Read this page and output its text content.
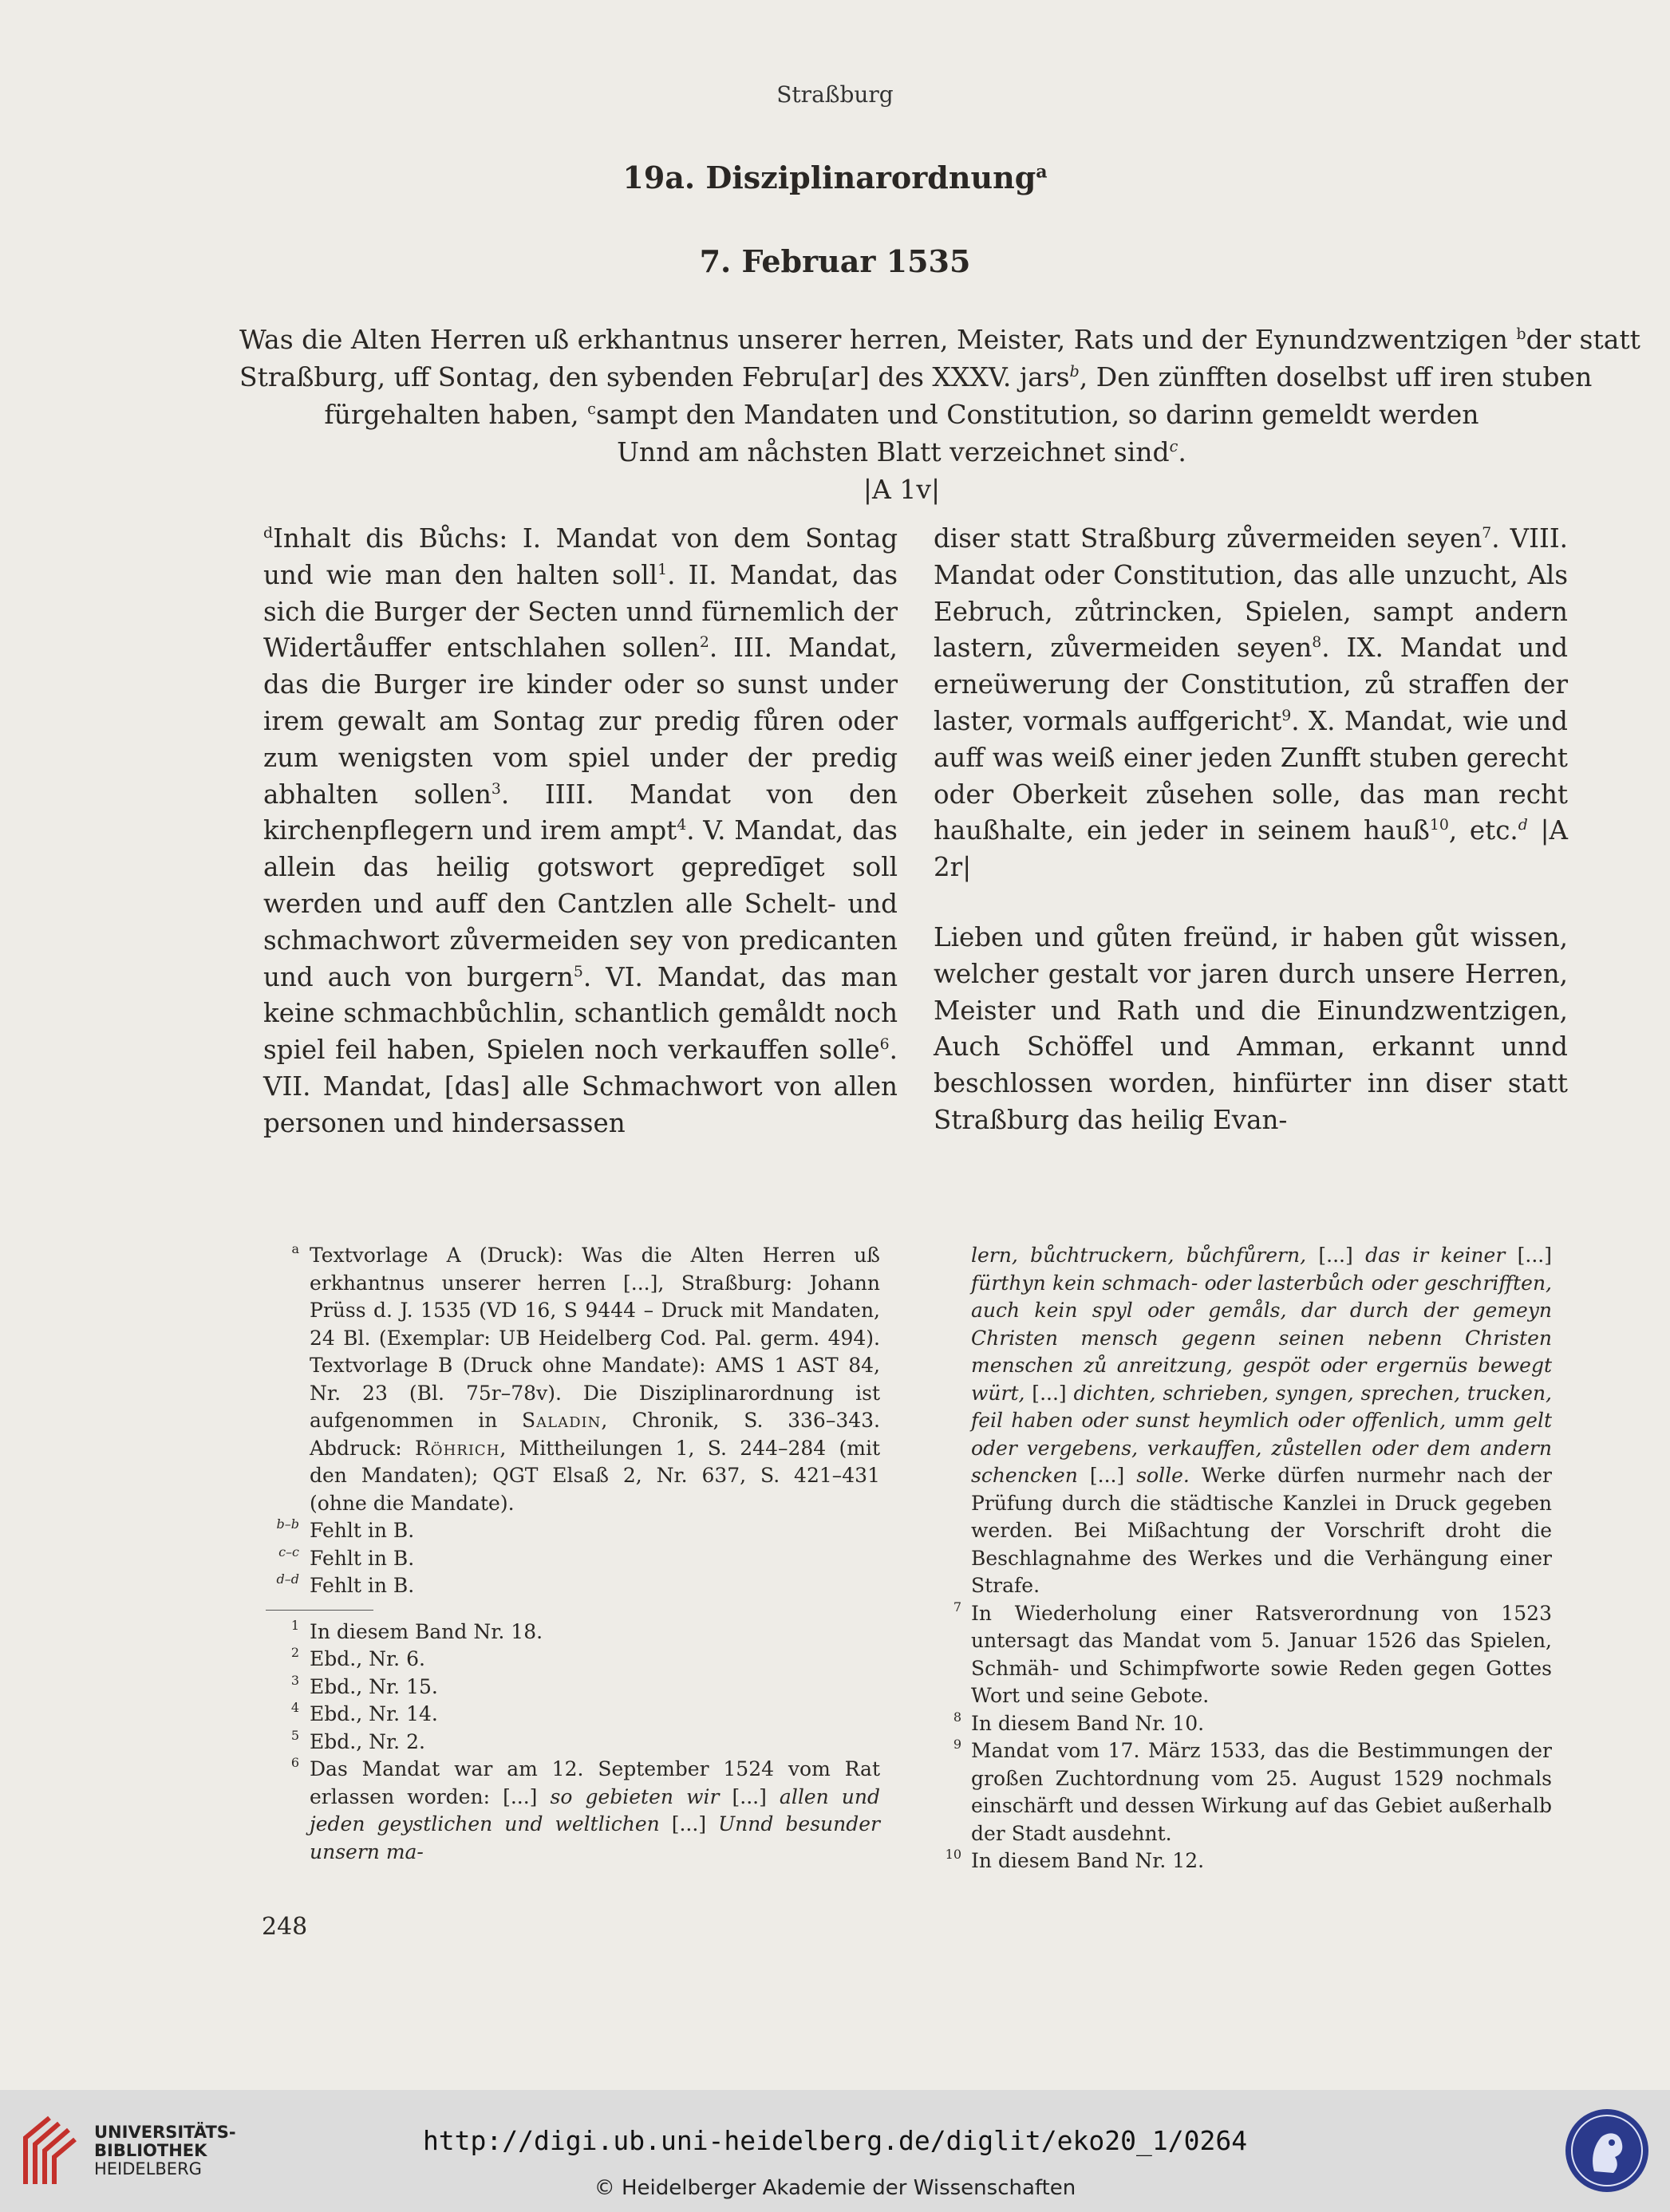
Straßburg
19a. Disziplinarordnung$^a$
7. Februar 1535
Was die Alten Herren uß erkhantnus unserer herren, Meister, Rats und der Eynundzwentzigen $^b$der statt
Straßburg, uff Sontag, den sybenden Febru[ar] des XXXV. jars$^b$, Den zünfften doselbst uff iren stuben
fürgehalten haben, $^c$sampt den Mandaten und Constitution, so darinn gemeldt werden
Unnd am nåchsten Blatt verzeichnet sind$^c$.
|A 1v|

$^d$Inhalt dis Bůchs: I. Mandat von dem Sontag und wie man den halten soll$^1$. II. Mandat, das sich die Burger der Secten unnd fürnemlich der Widertåuffer entschlahen sollen$^2$. III. Mandat, das die Burger ire kinder oder so sunst under irem gewalt am Sontag zur predig fůren oder zum wenigsten vom spiel under der predig abhalten sollen$^3$. IIII. Mandat von den kirchenpflegern und irem ampt$^4$. V. Mandat, das allein das heilig gotswort gepredīget soll werden und auff den Cantzlen alle Schelt- und schmachwort zůvermeiden sey von predicanten und auch von burgern$^5$. VI. Mandat, das man keine schmachbůchlin, schantlich gemåldt noch spiel feil haben, Spielen noch verkauffen solle$^6$. VII. Mandat, [das] alle Schmachwort von allen personen und hindersassen

diser statt Straßburg zůvermeiden seyen$^7$. VIII. Mandat oder Constitution, das alle unzucht, Als Eebruch, zůtrincken, Spielen, sampt andern lastern, zůvermeiden seyen$^8$. IX. Mandat und erneüwerung der Constitution, zů straffen der laster, vormals auffgericht$^9$. X. Mandat, wie und auff was weiß einer jeden Zunfft stuben gerecht oder Oberkeit zůsehen solle, das man recht haußhalte, ein jeder in seinem hauß$^{10}$, etc.$^d$ |A 2r|

Lieben und gůten freünd, ir haben gůt wissen, welcher gestalt vor jaren durch unsere Herren, Meister und Rath und die Einundzwentzigen, Auch Schöffel und Amman, erkannt unnd beschlossen worden, hinfürter inn diser statt Straßburg das heilig Evan-

a Textvorlage A (Druck): Was die Alten Herren uß erkhantnus unserer herren [...], Straßburg: Johann Prüss d. J. 1535 (VD 16, S 9444 – Druck mit Mandaten, 24 Bl. (Exemplar: UB Heidelberg Cod. Pal. germ. 494). Textvorlage B (Druck ohne Mandate): AMS 1 AST 84, Nr. 23 (Bl. 75r–78v). Die Disziplinarordnung ist aufgenommen in Saladin, Chronik, S. 336–343. Abdruck: Röhrich, Mittheilungen 1, S. 244–284 (mit den Mandaten); QGT Elsaß 2, Nr. 637, S. 421–431 (ohne die Mandate).
b–b Fehlt in B.
c–c Fehlt in B.
d–d Fehlt in B.
1 In diesem Band Nr. 18.
2 Ebd., Nr. 6.
3 Ebd., Nr. 15.
4 Ebd., Nr. 14.
5 Ebd., Nr. 2.
6 Das Mandat war am 12. September 1524 vom Rat erlassen worden: [...] so gebieten wir [...] allen und jeden geystlichen und weltlichen [...] Unnd besunder unsern ma-
lern, bůchtruckern, bůchfůrern, [...] das ir keiner [...] fürthyn kein schmach- oder lasterbůch oder geschrifften, auch kein spyl oder gemåls, dar durch der gemeyn Christen mensch gegenn seinen nebenn Christen menschen zů anreitzung, gespöt oder ergernüs bewegt würt, [...] dichten, schrieben, syngen, sprechen, trucken, feil haben oder sunst heymlich oder offenlich, umm gelt oder vergebens, verkauffen, zůstellen oder dem andern schencken [...] solle. Werke dürfen nurmehr nach der Prüfung durch die städtische Kanzlei in Druck gegeben werden. Bei Mißachtung der Vorschrift droht die Beschlagnahme des Werkes und die Verhängung einer Strafe.
7 In Wiederholung einer Ratsverordnung von 1523 untersagt das Mandat vom 5. Januar 1526 das Spielen, Schmäh- und Schimpfworte sowie Reden gegen Gottes Wort und seine Gebote.
8 In diesem Band Nr. 10.
9 Mandat vom 17. März 1533, das die Bestimmungen der großen Zuchtordnung vom 25. August 1529 nochmals einschärft und dessen Wirkung auf das Gebiet außerhalb der Stadt ausdehnt.
10 In diesem Band Nr. 12.
248
UNIVERSITÄTS-
BIBLIOTHEK
HEIDELBERG
http://digi.ub.uni-heidelberg.de/diglit/eko20_1/0264
© Heidelberger Akademie der Wissenschaften
